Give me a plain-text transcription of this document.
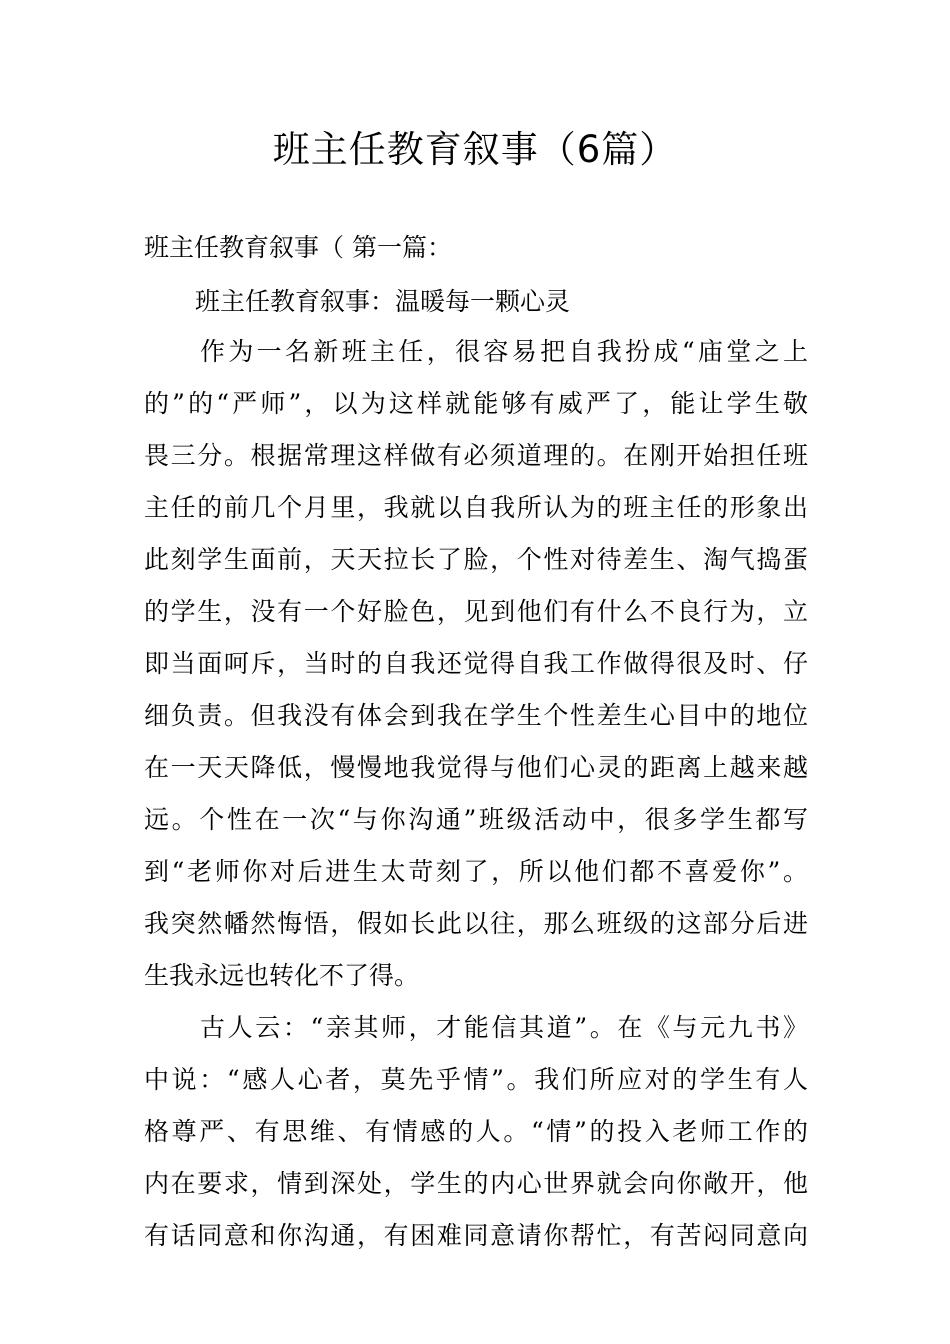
班主任教育叙事（6篇）
班主任教育叙事（ 第一篇：
班主任教育叙事：温暖每一颗心灵
作为一名新班主任，很容易把自我扮成“庙堂之上
的”的“严师”，以为这样就能够有威严了，能让学生敬
畏三分。根据常理这样做有必须道理的。在刚开始担任班
主任的前几个月里，我就以自我所认为的班主任的形象出
此刻学生面前，天天拉长了脸，个性对待差生、淘气捣蛋
的学生，没有一个好脸色，见到他们有什么不良行为，立
即当面呵斥，当时的自我还觉得自我工作做得很及时、仔
细负责。但我没有体会到我在学生个性差生心目中的地位
在一天天降低，慢慢地我觉得与他们心灵的距离上越来越
远。个性在一次“与你沟通”班级活动中，很多学生都写
到“老师你对后进生太苛刻了，所以他们都不喜爱你”。
我突然幡然悔悟，假如长此以往，那么班级的这部分后进
生我永远也转化不了得。
古人云：“亲其师，才能信其道”。在《与元九书》
中说：“感人心者，莫先乎情”。我们所应对的学生有人
格尊严、有思维、有情感的人。“情”的投入老师工作的
内在要求，情到深处，学生的内心世界就会向你敞开，他
有话同意和你沟通，有困难同意请你帮忙，有苦闷同意向
